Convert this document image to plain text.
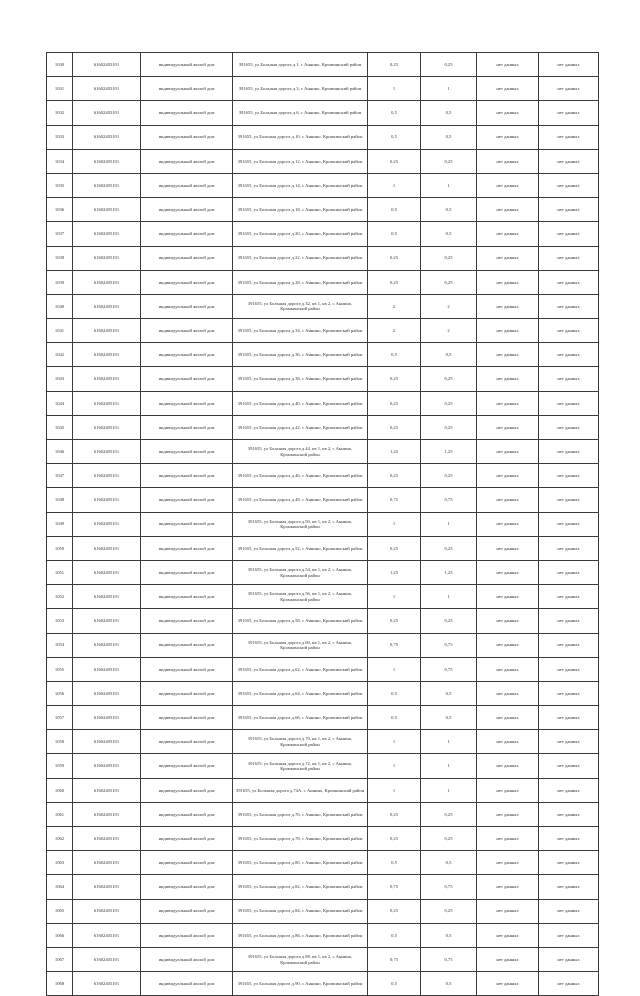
1030	61602405101	индивидуальный жилой дом	391655, ул Большая дорога д.1, с Аннино, Кромкинский район	0,25	0,25	нет данных	нет данных
1031	61602405101	индивидуальный жилой дом	391655, ул Большая дорога д.3, с Аннино, Кромкинский район	1	1	нет данных	нет данных
1032	61602405101	индивидуальный жилой дом	391655, ул Большая дорога д.6, с Аннино, Кромкинский район	0,5	0,5	нет данных	нет данных
1033	61602405101	индивидуальный жилой дом	391655, ул Большая дорога д.10, с Аннино, Кромкинский район	0,5	0,5	нет данных	нет данных
1034	61602405101	индивидуальный жилой дом	391655, ул Большая дорога д.12, с Аннино, Кромкинский район	0,25	0,25	нет данных	нет данных
1035	61602405101	индивидуальный жилой дом	391655, ул Большая дорога д.14, с Аннино, Кромкинский район	1	1	нет данных	нет данных
1036	61602405101	индивидуальный жилой дом	391655, ул Большая дорога д.18, с Аннино, Кромкинский район	0,5	0,5	нет данных	нет данных
1037	61602405101	индивидуальный жилой дом	391655, ул Большая дорога д.20, с Аннино, Кромкинский район	0,5	0,5	нет данных	нет данных
1038	61602405101	индивидуальный жилой дом	391655, ул Большая дорога д.22, с Аннино, Кромкинский район	0,25	0,25	нет данных	нет данных
1039	61602405101	индивидуальный жилой дом	391655, ул Большая дорога д.28, с Аннино, Кромкинский район	0,25	0,25	нет данных	нет данных
1040	61602405101	индивидуальный жилой дом	391655, ул Большая дорога д.32, кв 1, кв 2, с Аннино, Кромкинский район	2	2	нет данных	нет данных
1041	61602405101	индивидуальный жилой дом	391655, ул Большая дорога д.34, с Аннино, Кромкинский район	2	2	нет данных	нет данных
1042	61602405101	индивидуальный жилой дом	391655, ул Большая дорога д.36, с Аннино, Кромкинский район	0,5	0,5	нет данных	нет данных
1043	61602405101	индивидуальный жилой дом	391655, ул Большая дорога д.38, с Аннино, Кромкинский район	0,25	0,25	нет данных	нет данных
1044	61602405101	индивидуальный жилой дом	391655, ул Большая дорога д.40, с Аннино, Кромкинский район	0,25	0,25	нет данных	нет данных
1045	61602405101	индивидуальный жилой дом	391655, ул Большая дорога д.42, с Аннино, Кромкинский район	0,25	0,25	нет данных	нет данных
1046	61602405101	индивидуальный жилой дом	391655, ул Большая дорога д.44, кв 1, кв 2, с Аннино, Кромкинский район	1,25	1,25	нет данных	нет данных
1047	61602405101	индивидуальный жилой дом	391655, ул Большая дорога д.46, с Аннино, Кромкинский район	0,25	0,25	нет данных	нет данных
1048	61602405101	индивидуальный жилой дом	391655, ул Большая дорога д.48, с Аннино, Кромкинский район	0,75	0,75	нет данных	нет данных
1049	61602405101	индивидуальный жилой дом	391655, ул Большая дорога д.50, кв 1, кв 2, с Аннино, Кромкинский район	1	1	нет данных	нет данных
1050	61602405101	индивидуальный жилой дом	391655, ул Большая дорога д.52, с Аннино, Кромкинский район	0,25	0,25	нет данных	нет данных
1051	61602405101	индивидуальный жилой дом	391655, ул Большая дорога д.54, кв 1, кв 2, с Аннино, Кромкинский район	1,25	1,25	нет данных	нет данных
1052	61602405101	индивидуальный жилой дом	391655, ул Большая дорога д.56, кв 1, кв 2, с Аннино, Кромкинский район	1	1	нет данных	нет данных
1053	61602405101	индивидуальный жилой дом	391655, ул Большая дорога д.58, с Аннино, Кромкинский район	0,25	0,25	нет данных	нет данных
1054	61602405101	индивидуальный жилой дом	391655, ул Большая дорога д.60, кв 1, кв 2, с Аннино, Кромкинский район	0,75	0,75	нет данных	нет данных
1055	61602405101	индивидуальный жилой дом	391655, ул Большая дорога д.62, с Аннино, Кромкинский район	1	0,75	нет данных	нет данных
1056	61602405101	индивидуальный жилой дом	391655, ул Большая дорога д.64, с Аннино, Кромкинский район	0,5	0,5	нет данных	нет данных
1057	61602405101	индивидуальный жилой дом	391655, ул Большая дорога д.66, с Аннино, Кромкинский район	0,5	0,5	нет данных	нет данных
1058	61602405101	индивидуальный жилой дом	391655, ул Большая дорога д.70, кв 1, кв 2, с Аннино, Кромкинский район	1	1	нет данных	нет данных
1059	61602405101	индивидуальный жилой дом	391655, ул Большая дорога д.72, кв 1, кв 2, с Аннино, Кромкинский район	1	1	нет данных	нет данных
1060	61602405101	индивидуальный жилой дом	391655, ул Большая дорога д.74А, с Аннино, Кромкинский район	1	1	нет данных	нет данных
1061	61602405101	индивидуальный жилой дом	391655, ул Большая дорога д.76, с Аннино, Кромкинский район	0,25	0,25	нет данных	нет данных
1062	61602405101	индивидуальный жилой дом	391655, ул Большая дорога д.78, с Аннино, Кромкинский район	0,25	0,25	нет данных	нет данных
1063	61602405101	индивидуальный жилой дом	391655, ул Большая дорога д.80, с Аннино, Кромкинский район	0,5	0,5	нет данных	нет данных
1064	61602405101	индивидуальный жилой дом	391655, ул Большая дорога д.82, с Аннино, Кромкинский район	0,75	0,75	нет данных	нет данных
1065	61602405101	индивидуальный жилой дом	391655, ул Большая дорога д.84, с Аннино, Кромкинский район	0,25	0,25	нет данных	нет данных
1066	61602405101	индивидуальный жилой дом	391655, ул Большая дорога д.86, с Аннино, Кромкинский район	0,5	0,5	нет данных	нет данных
1067	61602405101	индивидуальный жилой дом	391655, ул Большая дорога д.88, кв 1, кв 2, с Аннино, Кромкинский район	0,75	0,75	нет данных	нет данных
1068	61602405101	индивидуальный жилой дом	391655, ул Большая дорога д.90, с Аннино, Кромкинский район	0,5	0,5	нет данных	нет данных
